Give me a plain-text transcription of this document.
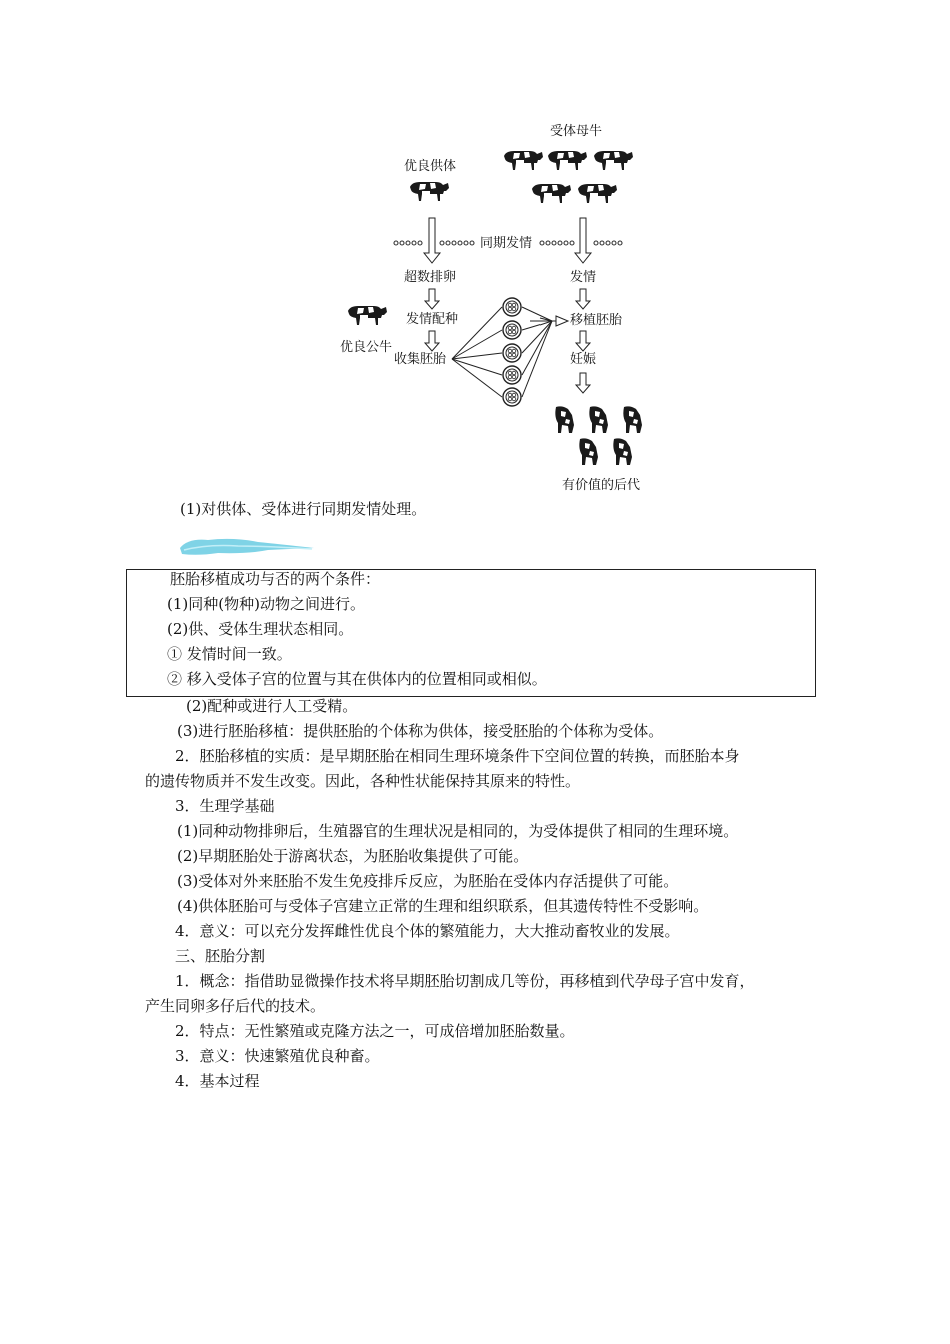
受体母牛
优良供体
同期发情
超数排卵	发情
发情配种
优良公牛
收集胚胎
移植胚胎
妊娠
有价值的后代
(1)对供体、受体进行同期发情处理。
胚胎移植成功与否的两个条件：
(1)同种(物种)动物之间进行。
(2)供、受体生理状态相同。
① 发情时间一致。
② 移入受体子宫的位置与其在供体内的位置相同或相似。
(2)配种或进行人工受精。
(3)进行胚胎移植：提供胚胎的个体称为供体，接受胚胎的个体称为受体。
2．胚胎移植的实质：是早期胚胎在相同生理环境条件下空间位置的转换，而胚胎本身
的遗传物质并不发生改变。因此，各种性状能保持其原来的特性。
3．生理学基础
(1)同种动物排卵后，生殖器官的生理状况是相同的，为受体提供了相同的生理环境。
(2)早期胚胎处于游离状态，为胚胎收集提供了可能。
(3)受体对外来胚胎不发生免疫排斥反应，为胚胎在受体内存活提供了可能。
(4)供体胚胎可与受体子宫建立正常的生理和组织联系，但其遗传特性不受影响。
4．意义：可以充分发挥雌性优良个体的繁殖能力，大大推动畜牧业的发展。
三、胚胎分割
1．概念：指借助显微操作技术将早期胚胎切割成几等份，再移植到代孕母子宫中发育，
产生同卵多仔后代的技术。
2．特点：无性繁殖或克隆方法之一，可成倍增加胚胎数量。
3．意义：快速繁殖优良种畜。
4．基本过程
